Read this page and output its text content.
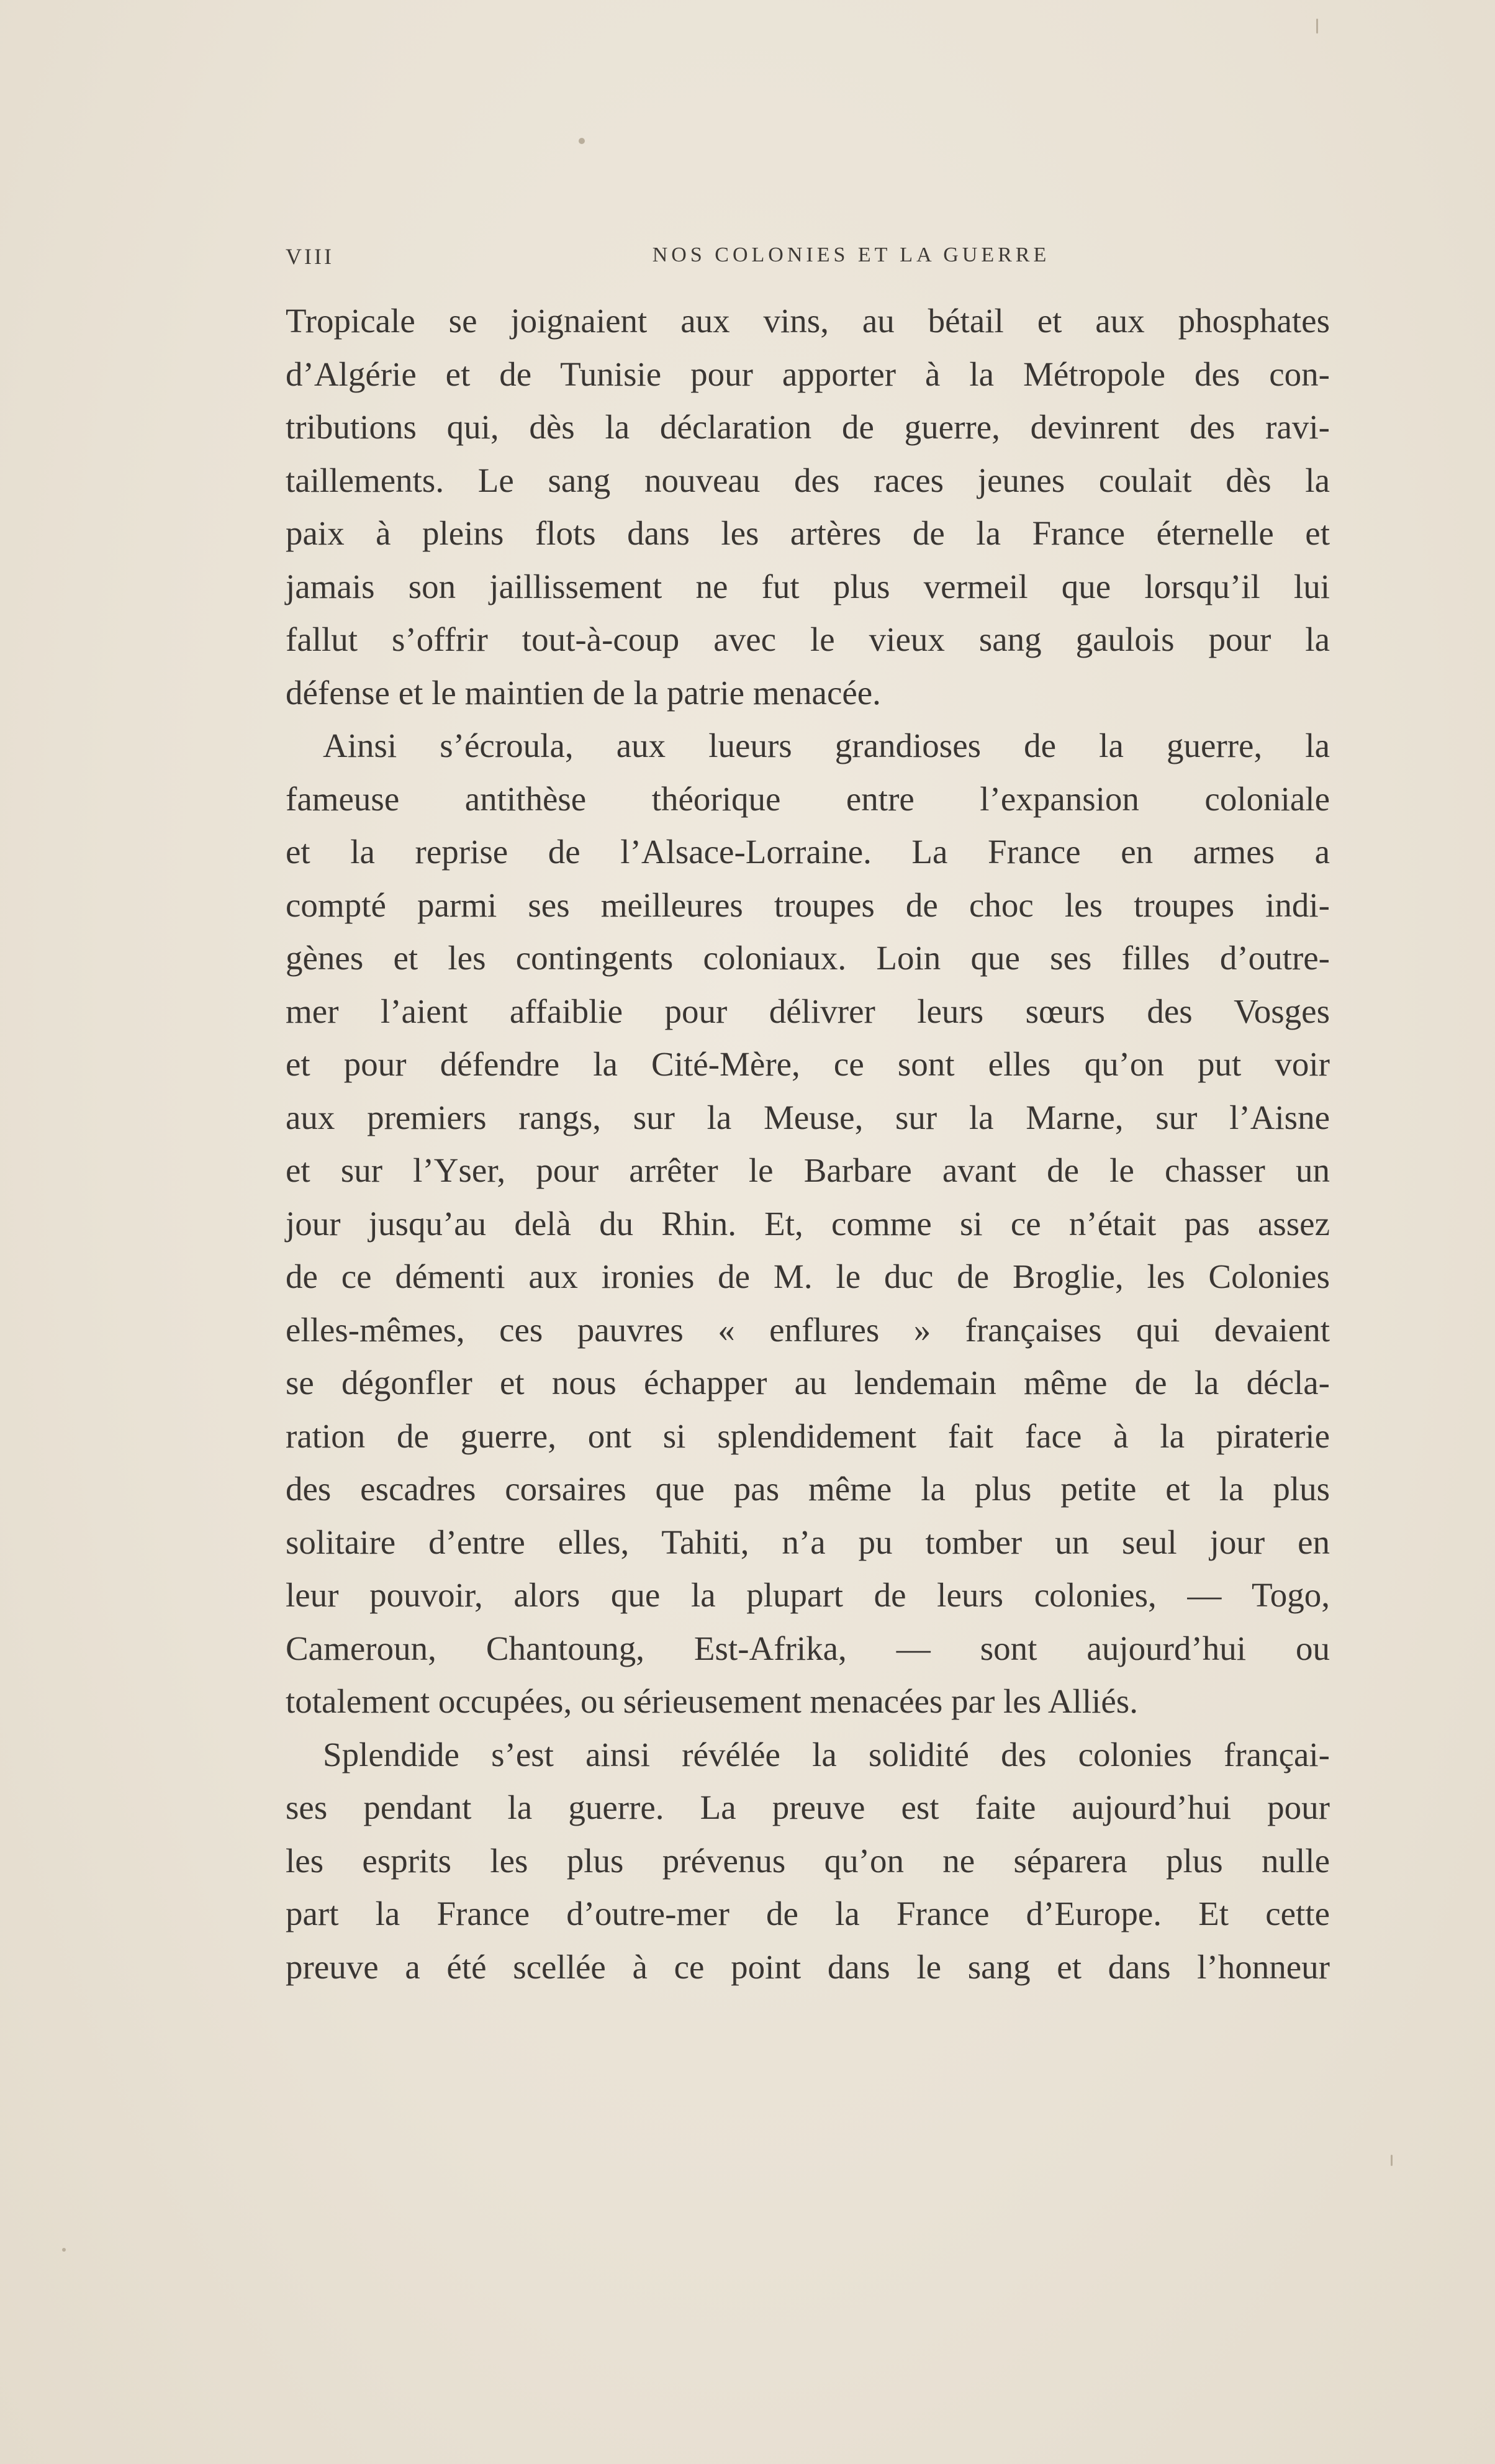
VIII	NOS COLONIES ET LA GUERRE
Tropicale se joignaient aux vins, au bétail et aux phosphates
d’Algérie et de Tunisie pour apporter à la Métropole des con-
tributions qui, dès la déclaration de guerre, devinrent des ravi-
taillements. Le sang nouveau des races jeunes coulait dès la
paix à pleins flots dans les artères de la France éternelle et
jamais son jaillissement ne fut plus vermeil que lorsqu’il lui
fallut s’offrir tout-à-coup avec le vieux sang gaulois pour la
défense et le maintien de la patrie menacée.
Ainsi s’écroula, aux lueurs grandioses de la guerre, la
fameuse antithèse théorique entre l’expansion coloniale
et la reprise de l’Alsace-Lorraine. La France en armes a
compté parmi ses meilleures troupes de choc les troupes indi-
gènes et les contingents coloniaux. Loin que ses filles d’outre-
mer l’aient affaiblie pour délivrer leurs sœurs des Vosges
et pour défendre la Cité-Mère, ce sont elles qu’on put voir
aux premiers rangs, sur la Meuse, sur la Marne, sur l’Aisne
et sur l’Yser, pour arrêter le Barbare avant de le chasser un
jour jusqu’au delà du Rhin. Et, comme si ce n’était pas assez
de ce démenti aux ironies de M. le duc de Broglie, les Colonies
elles-mêmes, ces pauvres « enflures » françaises qui devaient
se dégonfler et nous échapper au lendemain même de la décla-
ration de guerre, ont si splendidement fait face à la piraterie
des escadres corsaires que pas même la plus petite et la plus
solitaire d’entre elles, Tahiti, n’a pu tomber un seul jour en
leur pouvoir, alors que la plupart de leurs colonies, — Togo,
Cameroun, Chantoung, Est-Afrika, — sont aujourd’hui ou
totalement occupées, ou sérieusement menacées par les Alliés.
Splendide s’est ainsi révélée la solidité des colonies françai-
ses pendant la guerre. La preuve est faite aujourd’hui pour
les esprits les plus prévenus qu’on ne séparera plus nulle
part la France d’outre-mer de la France d’Europe. Et cette
preuve a été scellée à ce point dans le sang et dans l’honneur
